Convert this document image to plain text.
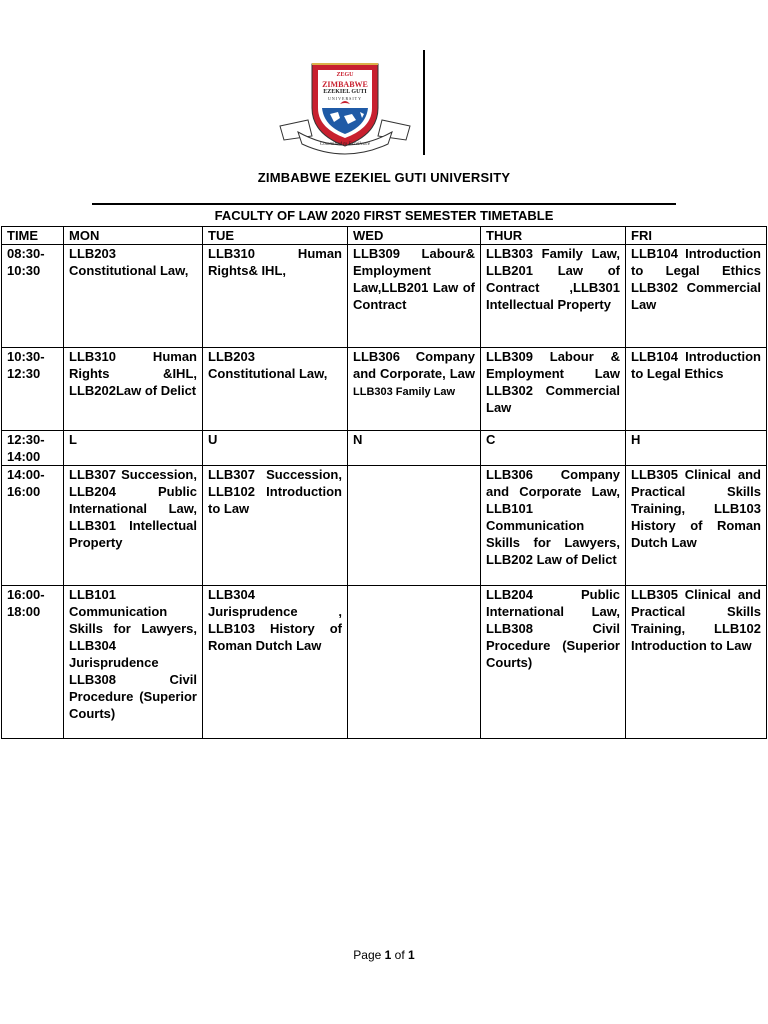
ZEGU
ZIMBABWE
EZEKIEL GUTI
UNIVERSITY
Committed to Excellence
ZIMBABWE EZEKIEL GUTI UNIVERSITY
FACULTY OF LAW 2020 FIRST SEMESTER TIMETABLE
TIME	MON	TUE	WED	THUR	FRI
08:30-10:30	LLB203 Constitutional Law,	LLB310 Human Rights& IHL,	LLB309 Labour& Employment Law,LLB201 Law of Contract	LLB303 Family Law, LLB201 Law of Contract ,LLB301 Intellectual Property	LLB104 Introduction to Legal Ethics LLB302 Commercial Law
10:30-12:30	LLB310 Human Rights &IHL, LLB202Law of Delict	LLB203 Constitutional Law,	LLB306 Company and Corporate, Law LLB303 Family Law	LLB309 Labour & Employment Law LLB302 Commercial Law	LLB104 Introduction to Legal Ethics
12:30-14:00	L	U	N	C	H
14:00-16:00	LLB307 Succession, LLB204 Public International Law, LLB301 Intellectual Property	LLB307 Succession, LLB102 Introduction to Law		LLB306 Company and Corporate Law, LLB101 Communication Skills for Lawyers, LLB202 Law of Delict	LLB305 Clinical and Practical Skills Training, LLB103 History of Roman Dutch Law
16:00-18:00	LLB101 Communication Skills for Lawyers, LLB304 Jurisprudence LLB308 Civil Procedure (Superior Courts)	LLB304 Jurisprudence , LLB103 History of Roman Dutch Law		LLB204 Public International Law, LLB308 Civil Procedure (Superior Courts)	LLB305 Clinical and Practical Skills Training, LLB102 Introduction to Law
Page 1 of 1
